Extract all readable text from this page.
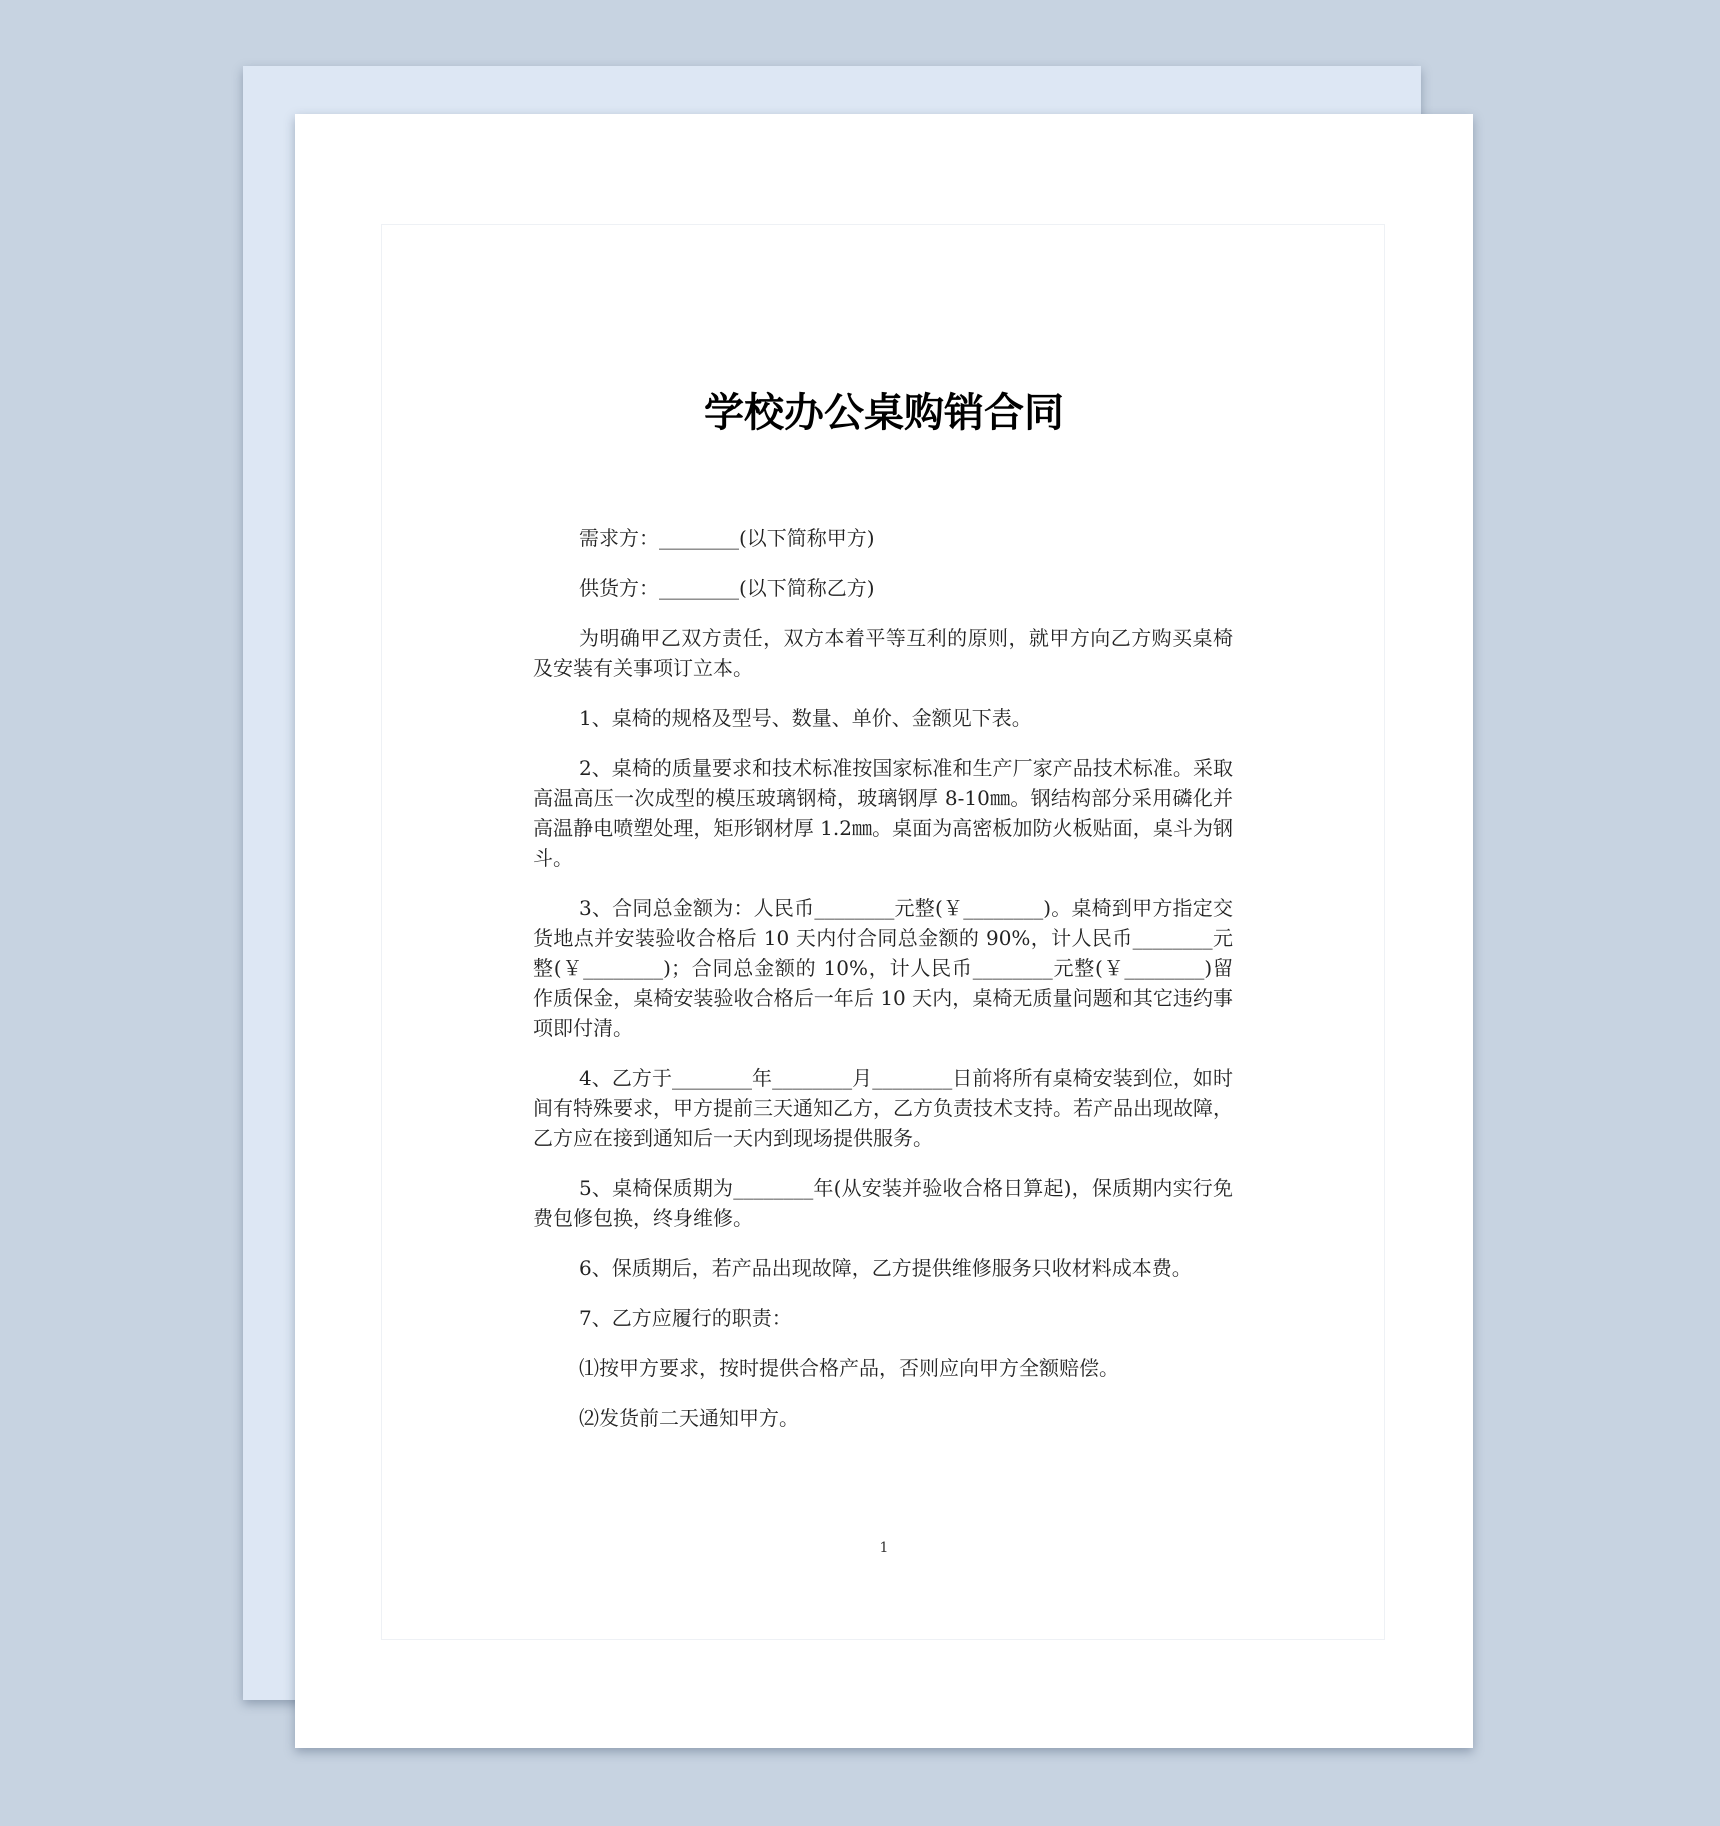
学校办公桌购销合同

需求方：________(以下简称甲方)

供货方：________(以下简称乙方)

为明确甲乙双方责任，双方本着平等互利的原则，就甲方向乙方购买桌椅及安装有关事项订立本。

1、桌椅的规格及型号、数量、单价、金额见下表。

2、桌椅的质量要求和技术标准按国家标准和生产厂家产品技术标准。采取高温高压一次成型的模压玻璃钢椅，玻璃钢厚 8-10㎜。钢结构部分采用磷化并高温静电喷塑处理，矩形钢材厚 1.2㎜。桌面为高密板加防火板贴面，桌斗为钢斗。

3、合同总金额为：人民币________元整(￥________)。桌椅到甲方指定交货地点并安装验收合格后 10 天内付合同总金额的 90%，计人民币________元整(￥________)；合同总金额的 10%，计人民币________元整(￥________)留作质保金，桌椅安装验收合格后一年后 10 天内，桌椅无质量问题和其它违约事项即付清。

4、乙方于________年________月________日前将所有桌椅安装到位，如时间有特殊要求，甲方提前三天通知乙方，乙方负责技术支持。若产品出现故障，乙方应在接到通知后一天内到现场提供服务。

5、桌椅保质期为________年(从安装并验收合格日算起)，保质期内实行免费包修包换，终身维修。

6、保质期后，若产品出现故障，乙方提供维修服务只收材料成本费。

7、乙方应履行的职责：

⑴按甲方要求，按时提供合格产品，否则应向甲方全额赔偿。

⑵发货前二天通知甲方。

1
